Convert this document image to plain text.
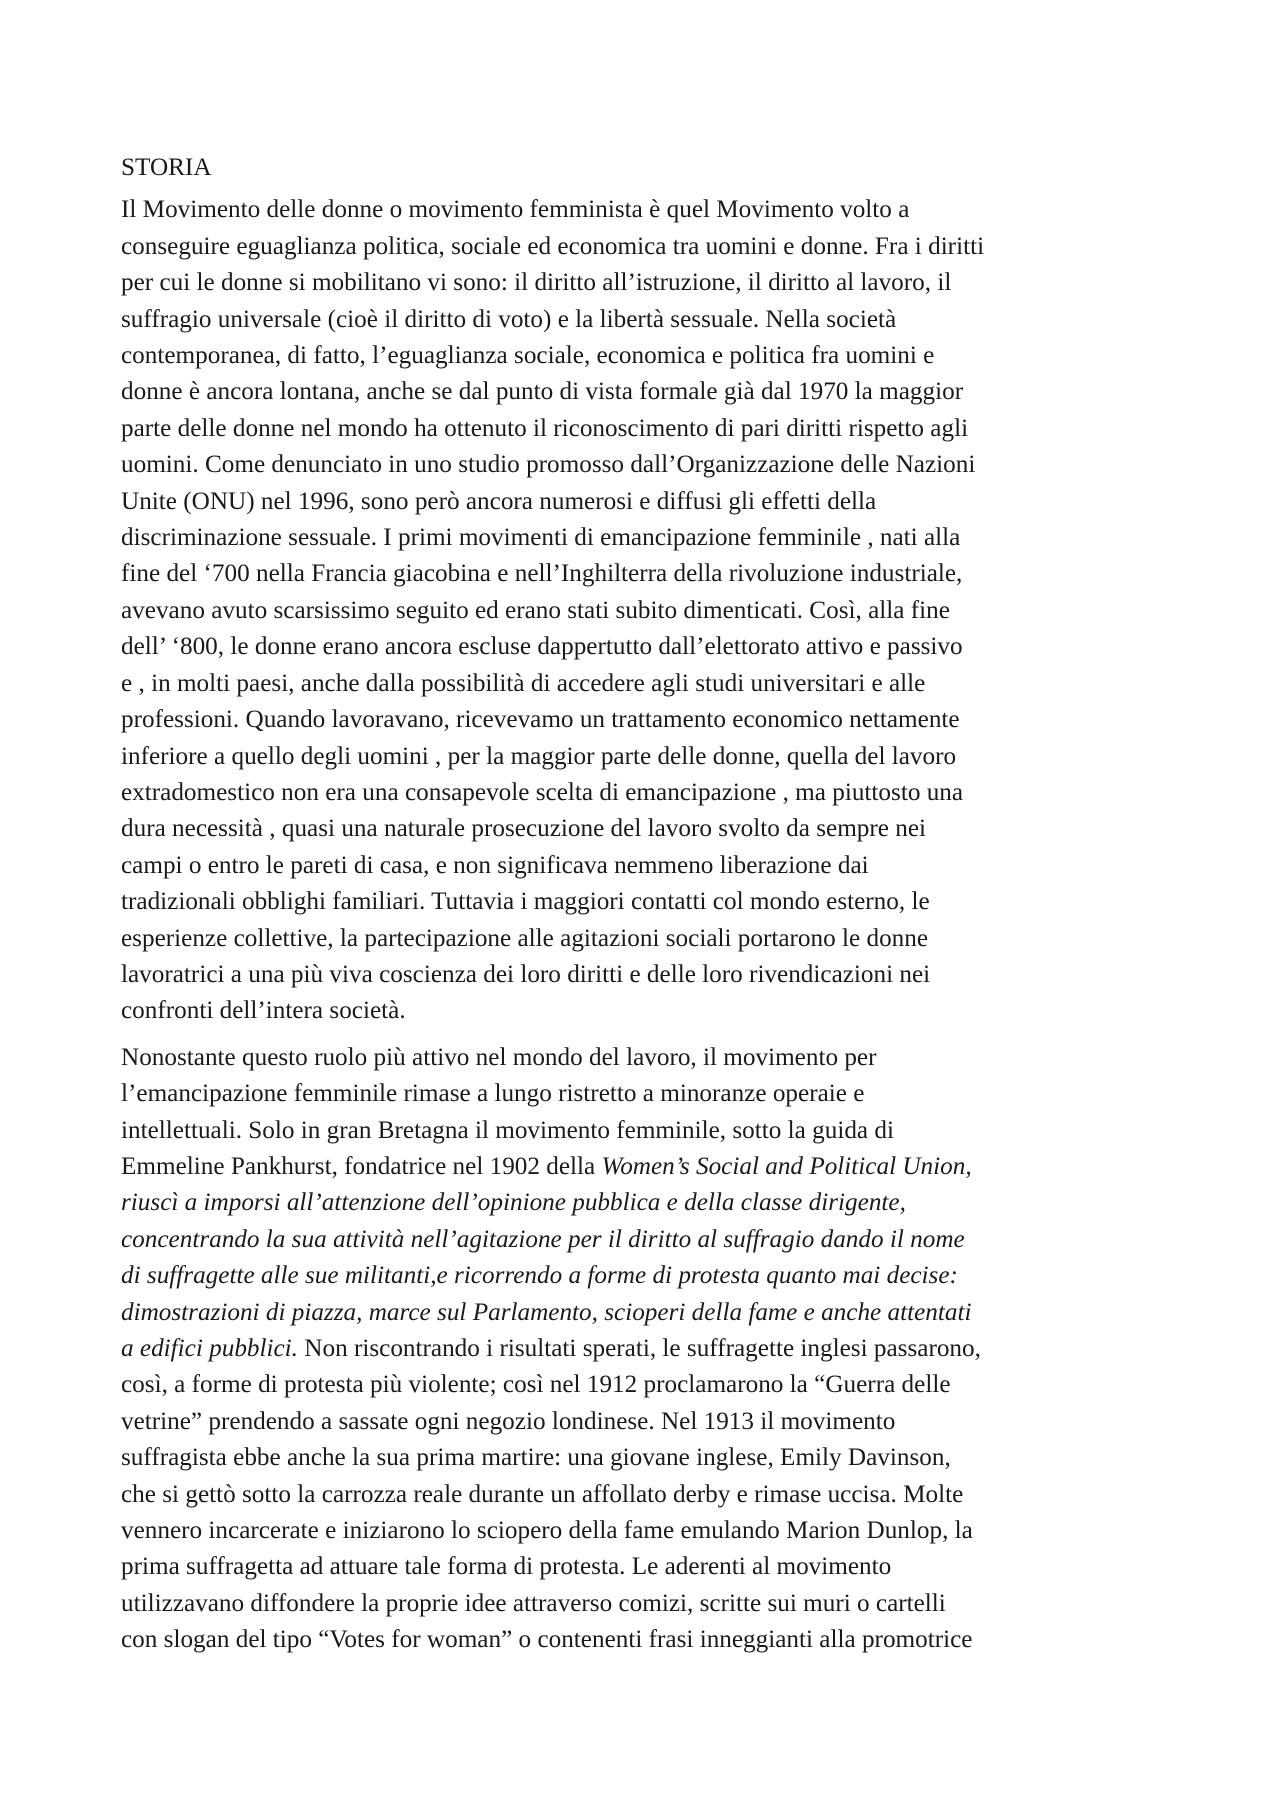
STORIA
Il Movimento delle donne o movimento femminista è quel Movimento volto a
conseguire eguaglianza politica, sociale ed economica tra uomini e donne. Fra i diritti
per cui le donne si mobilitano vi sono: il diritto all’istruzione, il diritto al lavoro, il
suffragio universale (cioè il diritto di voto) e la libertà sessuale. Nella società
contemporanea, di fatto, l’eguaglianza sociale, economica e politica fra uomini e
donne è ancora lontana, anche se dal punto di vista formale già dal 1970 la maggior
parte delle donne nel mondo ha ottenuto il riconoscimento di pari diritti rispetto agli
uomini. Come denunciato in uno studio promosso dall’Organizzazione delle Nazioni
Unite (ONU) nel 1996, sono però ancora numerosi e diffusi gli effetti della
discriminazione sessuale. I primi movimenti di emancipazione femminile , nati alla
fine del ‘700 nella Francia giacobina e nell’Inghilterra della rivoluzione industriale,
avevano avuto scarsissimo seguito ed erano stati subito dimenticati. Così, alla fine
dell’ ‘800, le donne erano ancora escluse dappertutto dall’elettorato attivo e passivo
e , in molti paesi, anche dalla possibilità di accedere agli studi universitari e alle
professioni. Quando lavoravano, ricevevamo un trattamento economico nettamente
inferiore a quello degli uomini , per la maggior parte delle donne, quella del lavoro
extradomestico non era una consapevole scelta di emancipazione , ma piuttosto una
dura necessità , quasi una naturale prosecuzione del lavoro svolto da sempre nei
campi o entro le pareti di casa, e non significava nemmeno liberazione dai
tradizionali obblighi familiari. Tuttavia i maggiori contatti col mondo esterno, le
esperienze collettive, la partecipazione alle agitazioni sociali portarono le donne
lavoratrici a una più viva coscienza dei loro diritti e delle loro rivendicazioni nei
confronti dell’intera società.
Nonostante questo ruolo più attivo nel mondo del lavoro, il movimento per
l’emancipazione femminile rimase a lungo ristretto a minoranze operaie e
intellettuali. Solo in gran Bretagna il movimento femminile, sotto la guida di
Emmeline Pankhurst, fondatrice nel 1902 della Women’s Social and Political Union,
riuscì a imporsi all’attenzione dell’opinione pubblica e della classe dirigente,
concentrando la sua attività nell’agitazione per il diritto al suffragio dando il nome
di suffragette alle sue militanti,e ricorrendo a forme di protesta quanto mai decise:
dimostrazioni di piazza, marce sul Parlamento, scioperi della fame e anche attentati
a edifici pubblici. Non riscontrando i risultati sperati, le suffragette inglesi passarono,
così, a forme di protesta più violente; così nel 1912 proclamarono la “Guerra delle
vetrine” prendendo a sassate ogni negozio londinese. Nel 1913 il movimento
suffragista ebbe anche la sua prima martire: una giovane inglese, Emily Davinson,
che si gettò sotto la carrozza reale durante un affollato derby e rimase uccisa. Molte
vennero incarcerate e iniziarono lo sciopero della fame emulando Marion Dunlop, la
prima suffragetta ad attuare tale forma di protesta. Le aderenti al movimento
utilizzavano diffondere la proprie idee attraverso comizi, scritte sui muri o cartelli
con slogan del tipo “Votes for woman” o contenenti frasi inneggianti alla promotrice
